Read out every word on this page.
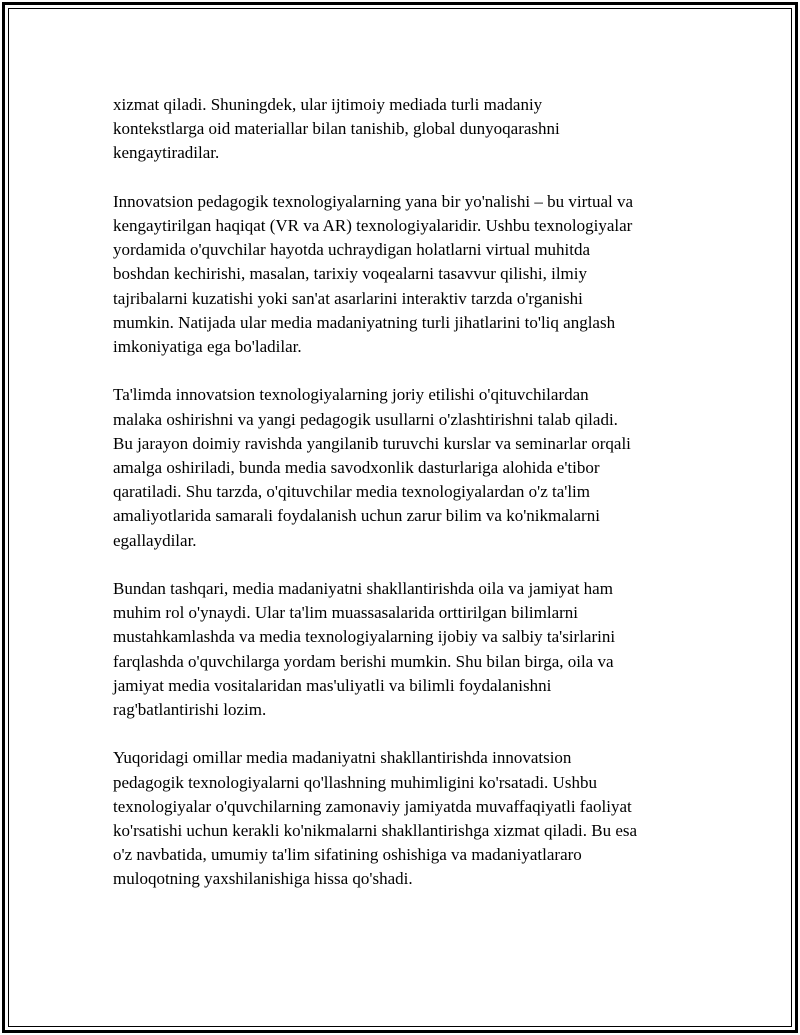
xizmat qiladi. Shuningdek, ular ijtimoiy mediada turli madaniy
kontekstlarga oid materiallar bilan tanishib, global dunyoqarashni
kengaytiradilar.

Innovatsion pedagogik texnologiyalarning yana bir yo'nalishi – bu virtual va
kengaytirilgan haqiqat (VR va AR) texnologiyalaridir. Ushbu texnologiyalar
yordamida o'quvchilar hayotda uchraydigan holatlarni virtual muhitda
boshdan kechirishi, masalan, tarixiy voqealarni tasavvur qilishi, ilmiy
tajribalarni kuzatishi yoki san'at asarlarini interaktiv tarzda o'rganishi
mumkin. Natijada ular media madaniyatning turli jihatlarini to'liq anglash
imkoniyatiga ega bo'ladilar.

Ta'limda innovatsion texnologiyalarning joriy etilishi o'qituvchilardan
malaka oshirishni va yangi pedagogik usullarni o'zlashtirishni talab qiladi.
Bu jarayon doimiy ravishda yangilanib turuvchi kurslar va seminarlar orqali
amalga oshiriladi, bunda media savodxonlik dasturlariga alohida e'tibor
qaratiladi. Shu tarzda, o'qituvchilar media texnologiyalardan o'z ta'lim
amaliyotlarida samarali foydalanish uchun zarur bilim va ko'nikmalarni
egallaydilar.

Bundan tashqari, media madaniyatni shakllantirishda oila va jamiyat ham
muhim rol o'ynaydi. Ular ta'lim muassasalarida orttirilgan bilimlarni
mustahkamlashda va media texnologiyalarning ijobiy va salbiy ta'sirlarini
farqlashda o'quvchilarga yordam berishi mumkin. Shu bilan birga, oila va
jamiyat media vositalaridan mas'uliyatli va bilimli foydalanishni
rag'batlantirishi lozim.

Yuqoridagi omillar media madaniyatni shakllantirishda innovatsion
pedagogik texnologiyalarni qo'llashning muhimligini ko'rsatadi. Ushbu
texnologiyalar o'quvchilarning zamonaviy jamiyatda muvaffaqiyatli faoliyat
ko'rsatishi uchun kerakli ko'nikmalarni shakllantirishga xizmat qiladi. Bu esa
o'z navbatida, umumiy ta'lim sifatining oshishiga va madaniyatlararo
muloqotning yaxshilanishiga hissa qo'shadi.
